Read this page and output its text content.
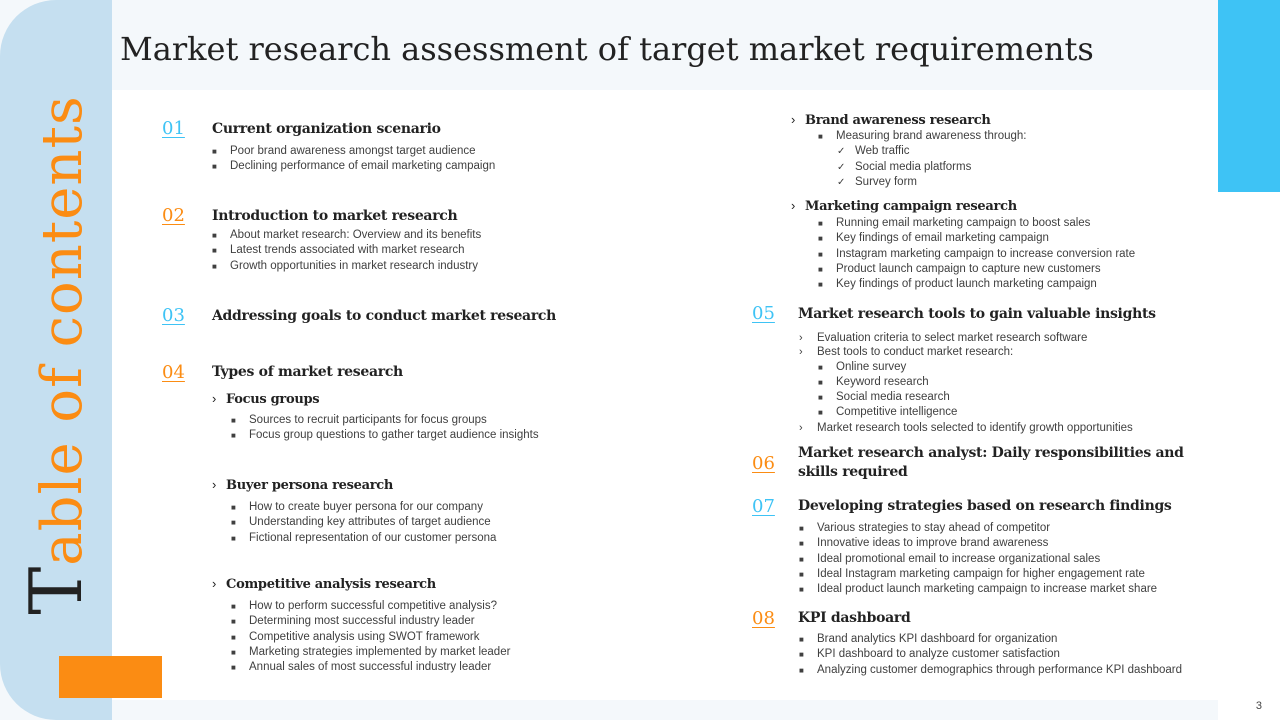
Table of contents
Market research assessment of target market requirements
01 Current organization scenario
■	Poor brand awareness amongst target audience
■	Declining performance of email marketing campaign
02 Introduction to market research
■	About market research: Overview and its benefits
■	Latest trends associated with market research
■	Growth opportunities in market research industry
03 Addressing goals to conduct market research
04 Types of market research
› Focus groups
■	Sources to recruit participants for focus groups
■	Focus group questions to gather target audience insights
› Buyer persona research
■	How to create buyer persona for our company
■	Understanding key attributes of target audience
■	Fictional representation of our customer persona
› Competitive analysis research
■	How to perform successful competitive analysis?
■	Determining most successful industry leader
■	Competitive analysis using SWOT framework
■	Marketing strategies implemented by market leader
■	Annual sales of most successful industry leader
› Brand awareness research
■	Measuring brand awareness through:
✓ Web traffic
✓ Social media platforms
✓ Survey form
› Marketing campaign research
■	Running email marketing campaign to boost sales
■	Key findings of email marketing campaign
■	Instagram marketing campaign to increase conversion rate
■	Product launch campaign to capture new customers
■	Key findings of product launch marketing campaign
05 Market research tools to gain valuable insights
›	Evaluation criteria to select market research software
›	Best tools to conduct market research:
■	Online survey
■	Keyword research
■	Social media research
■	Competitive intelligence
›	Market research tools selected to identify growth opportunities
06 Market research analyst: Daily responsibilities and
skills required
07 Developing strategies based on research findings
■	Various strategies to stay ahead of competitor
■	Innovative ideas to improve brand awareness
■	Ideal promotional email to increase organizational sales
■	Ideal Instagram marketing campaign for higher engagement rate
■	Ideal product launch marketing campaign to increase market share
08 KPI dashboard
■	Brand analytics KPI dashboard for organization
■	KPI dashboard to analyze customer satisfaction
■	Analyzing customer demographics through performance KPI dashboard
3
